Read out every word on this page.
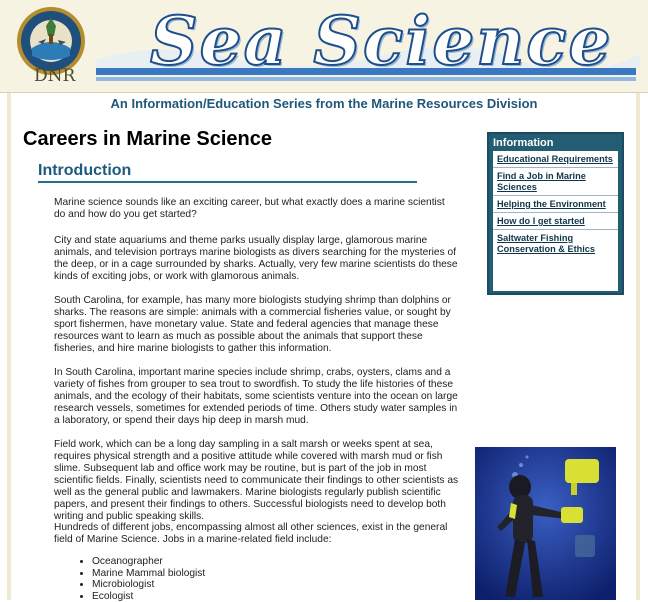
DNR Sea Science
An Information/Education Series from the Marine Resources Division
Careers in Marine Science
Introduction

Marine science sounds like an exciting career, but what exactly does a marine scientist do and how do you get started?

City and state aquariums and theme parks usually display large, glamorous marine animals, and television portrays marine biologists as divers searching for the mysteries of the deep, or in a cage surrounded by sharks. Actually, very few marine scientists do these kinds of exciting jobs, or work with glamorous animals.

South Carolina, for example, has many more biologists studying shrimp than dolphins or sharks. The reasons are simple: animals with a commercial fisheries value, or sought by sport fishermen, have monetary value. State and federal agencies that manage these resources want to learn as much as possible about the animals that support these fisheries, and hire marine biologists to gather this information.

In South Carolina, important marine species include shrimp, crabs, oysters, clams and a variety of fishes from grouper to sea trout to swordfish. To study the life histories of these animals, and the ecology of their habitats, some scientists venture into the ocean on large research vessels, sometimes for extended periods of time. Others study water samples in a laboratory, or spend their days hip deep in marsh mud.

Field work, which can be a long day sampling in a salt marsh or weeks spent at sea, requires physical strength and a positive attitude while covered with marsh mud or fish slime. Subsequent lab and office work may be routine, but is part of the job in most scientific fields. Finally, scientists need to communicate their findings to other scientists as well as the general public and lawmakers. Marine biologists regularly publish scientific papers, and present their findings to others. Successful biologists need to develop both writing and public speaking skills.

Hundreds of different jobs, encompassing almost all other sciences, exist in the general field of Marine Science. Jobs in a marine-related field include:

• Oceanographer
• Marine Mammal biologist
• Microbiologist
• Ecologist
Information
Educational Requirements
Find a Job in Marine Sciences
Helping the Environment
How do I get started
Saltwater Fishing Conservation & Ethics
